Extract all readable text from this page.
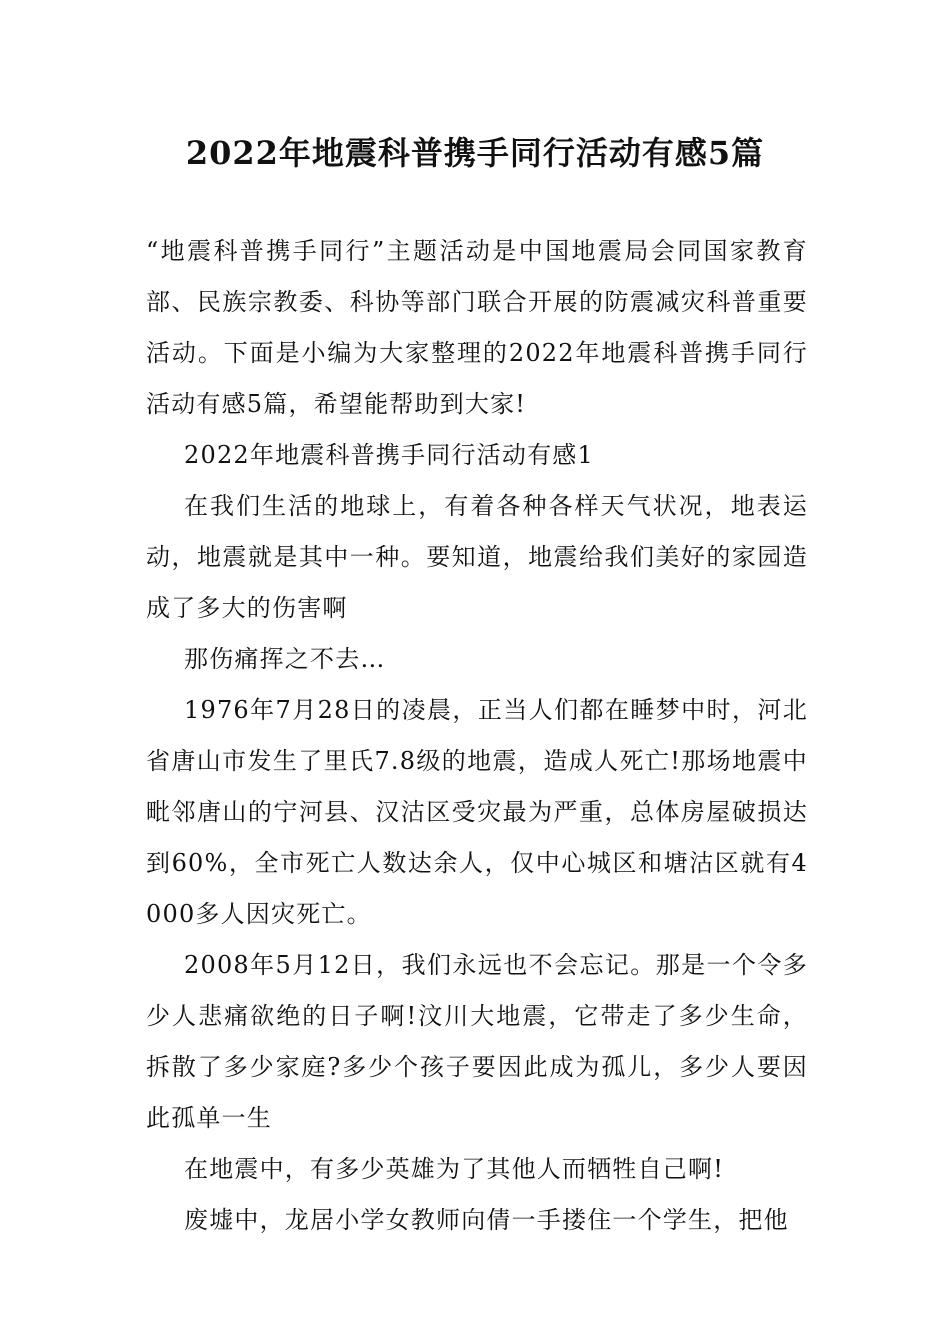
2022年地震科普携手同行活动有感5篇

“地震科普携手同行”主题活动是中国地震局会同国家教育部、民族宗教委、科协等部门联合开展的防震减灾科普重要活动。下面是小编为大家整理的2022年地震科普携手同行活动有感5篇，希望能帮助到大家!

2022年地震科普携手同行活动有感1

在我们生活的地球上，有着各种各样天气状况，地表运动，地震就是其中一种。要知道，地震给我们美好的家园造成了多大的伤害啊

那伤痛挥之不去…

1976年7月28日的凌晨，正当人们都在睡梦中时，河北省唐山市发生了里氏7.8级的地震，造成人死亡!那场地震中毗邻唐山的宁河县、汉沽区受灾最为严重，总体房屋破损达到60%，全市死亡人数达余人，仅中心城区和塘沽区就有4000多人因灾死亡。

2008年5月12日，我们永远也不会忘记。那是一个令多少人悲痛欲绝的日子啊!汶川大地震，它带走了多少生命，拆散了多少家庭?多少个孩子要因此成为孤儿，多少人要因此孤单一生

在地震中，有多少英雄为了其他人而牺牲自己啊!

废墟中，龙居小学女教师向倩一手搂住一个学生，把他
